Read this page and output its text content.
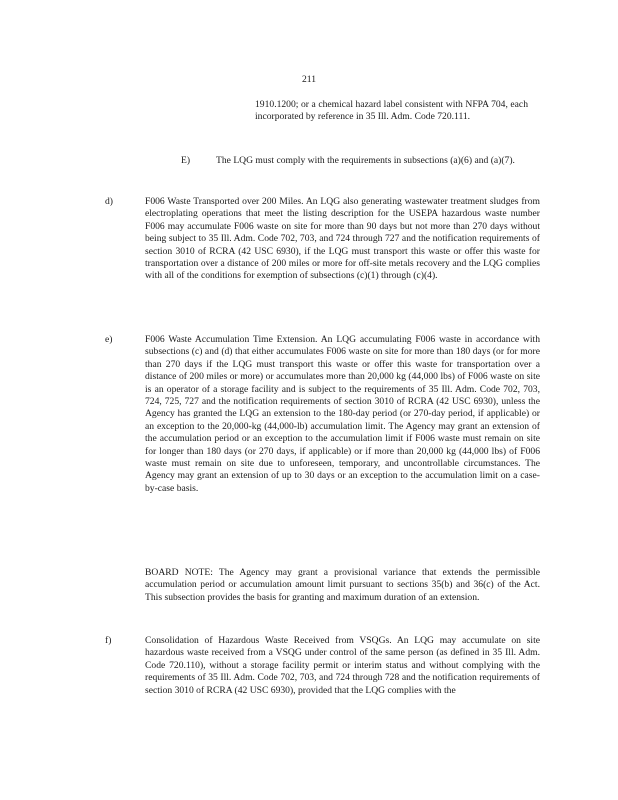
211
1910.1200; or a chemical hazard label consistent with NFPA 704, each incorporated by reference in 35 Ill. Adm. Code 720.111.
E)	The LQG must comply with the requirements in subsections (a)(6) and (a)(7).
d)	F006 Waste Transported over 200 Miles. An LQG also generating wastewater treatment sludges from electroplating operations that meet the listing description for the USEPA hazardous waste number F006 may accumulate F006 waste on site for more than 90 days but not more than 270 days without being subject to 35 Ill. Adm. Code 702, 703, and 724 through 727 and the notification requirements of section 3010 of RCRA (42 USC 6930), if the LQG must transport this waste or offer this waste for transportation over a distance of 200 miles or more for off-site metals recovery and the LQG complies with all of the conditions for exemption of subsections (c)(1) through (c)(4).
e)	F006 Waste Accumulation Time Extension. An LQG accumulating F006 waste in accordance with subsections (c) and (d) that either accumulates F006 waste on site for more than 180 days (or for more than 270 days if the LQG must transport this waste or offer this waste for transportation over a distance of 200 miles or more) or accumulates more than 20,000 kg (44,000 lbs) of F006 waste on site is an operator of a storage facility and is subject to the requirements of 35 Ill. Adm. Code 702, 703, 724, 725, 727 and the notification requirements of section 3010 of RCRA (42 USC 6930), unless the Agency has granted the LQG an extension to the 180-day period (or 270-day period, if applicable) or an exception to the 20,000-kg (44,000-lb) accumulation limit. The Agency may grant an extension of the accumulation period or an exception to the accumulation limit if F006 waste must remain on site for longer than 180 days (or 270 days, if applicable) or if more than 20,000 kg (44,000 lbs) of F006 waste must remain on site due to unforeseen, temporary, and uncontrollable circumstances. The Agency may grant an extension of up to 30 days or an exception to the accumulation limit on a case-by-case basis.
BOARD NOTE: The Agency may grant a provisional variance that extends the permissible accumulation period or accumulation amount limit pursuant to sections 35(b) and 36(c) of the Act. This subsection provides the basis for granting and maximum duration of an extension.
f)	Consolidation of Hazardous Waste Received from VSQGs. An LQG may accumulate on site hazardous waste received from a VSQG under control of the same person (as defined in 35 Ill. Adm. Code 720.110), without a storage facility permit or interim status and without complying with the requirements of 35 Ill. Adm. Code 702, 703, and 724 through 728 and the notification requirements of section 3010 of RCRA (42 USC 6930), provided that the LQG complies with the
